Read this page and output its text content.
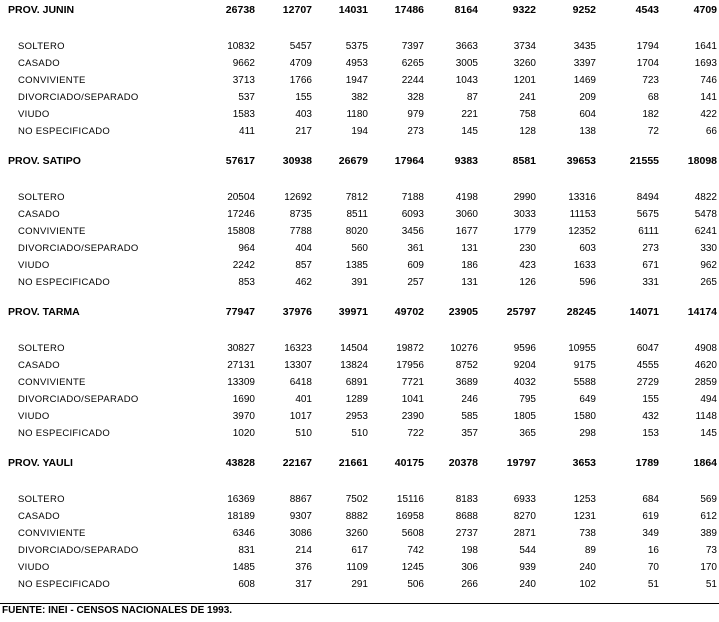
PROV. JUNIN	26738	12707	14031	17486	8164	9322	9252	4543	4709
SOLTERO	10832	5457	5375	7397	3663	3734	3435	1794	1641
CASADO	9662	4709	4953	6265	3005	3260	3397	1704	1693
CONVIVIENTE	3713	1766	1947	2244	1043	1201	1469	723	746
DIVORCIADO/SEPARADO	537	155	382	328	87	241	209	68	141
VIUDO	1583	403	1180	979	221	758	604	182	422
NO ESPECIFICADO	411	217	194	273	145	128	138	72	66
PROV. SATIPO	57617	30938	26679	17964	9383	8581	39653	21555	18098
SOLTERO	20504	12692	7812	7188	4198	2990	13316	8494	4822
CASADO	17246	8735	8511	6093	3060	3033	11153	5675	5478
CONVIVIENTE	15808	7788	8020	3456	1677	1779	12352	6111	6241
DIVORCIADO/SEPARADO	964	404	560	361	131	230	603	273	330
VIUDO	2242	857	1385	609	186	423	1633	671	962
NO ESPECIFICADO	853	462	391	257	131	126	596	331	265
PROV. TARMA	77947	37976	39971	49702	23905	25797	28245	14071	14174
SOLTERO	30827	16323	14504	19872	10276	9596	10955	6047	4908
CASADO	27131	13307	13824	17956	8752	9204	9175	4555	4620
CONVIVIENTE	13309	6418	6891	7721	3689	4032	5588	2729	2859
DIVORCIADO/SEPARADO	1690	401	1289	1041	246	795	649	155	494
VIUDO	3970	1017	2953	2390	585	1805	1580	432	1148
NO ESPECIFICADO	1020	510	510	722	357	365	298	153	145
PROV. YAULI	43828	22167	21661	40175	20378	19797	3653	1789	1864
SOLTERO	16369	8867	7502	15116	8183	6933	1253	684	569
CASADO	18189	9307	8882	16958	8688	8270	1231	619	612
CONVIVIENTE	6346	3086	3260	5608	2737	2871	738	349	389
DIVORCIADO/SEPARADO	831	214	617	742	198	544	89	16	73
VIUDO	1485	376	1109	1245	306	939	240	70	170
NO ESPECIFICADO	608	317	291	506	266	240	102	51	51
FUENTE: INEI - CENSOS NACIONALES DE 1993.
